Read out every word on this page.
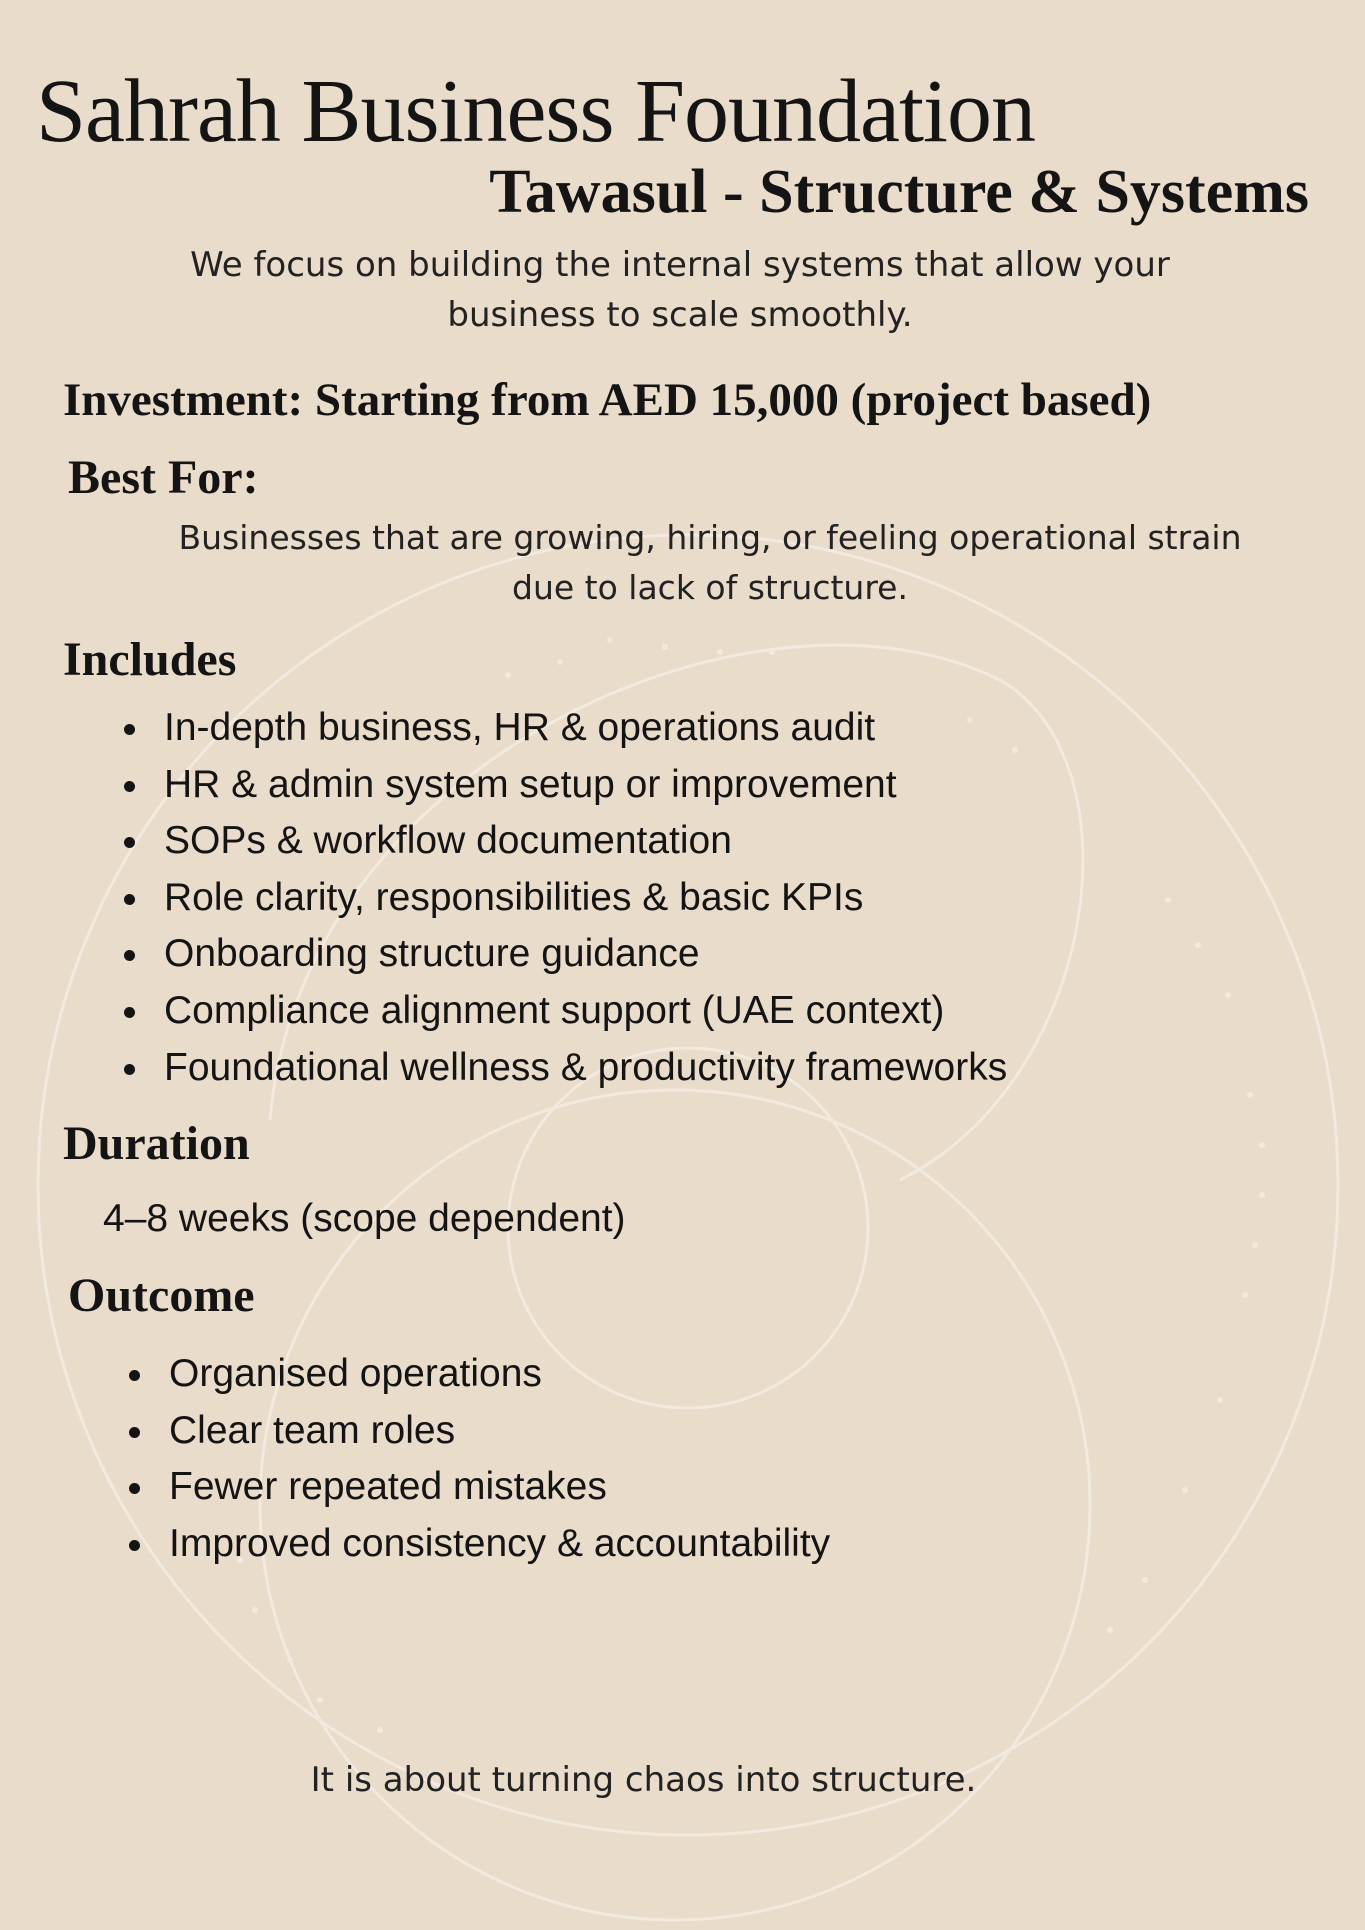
Sahrah Business Foundation
Tawasul - Structure & Systems
We focus on building the internal systems that allow your business to scale smoothly.
Investment: Starting from AED 15,000 (project based)
Best For:
Businesses that are growing, hiring, or feeling operational strain due to lack of structure.
Includes
In-depth business, HR & operations audit
HR & admin system setup or improvement
SOPs & workflow documentation
Role clarity, responsibilities & basic KPIs
Onboarding structure guidance
Compliance alignment support (UAE context)
Foundational wellness & productivity frameworks
Duration
4–8 weeks (scope dependent)
Outcome
Organised operations
Clear team roles
Fewer repeated mistakes
Improved consistency & accountability
It is about turning chaos into structure.
